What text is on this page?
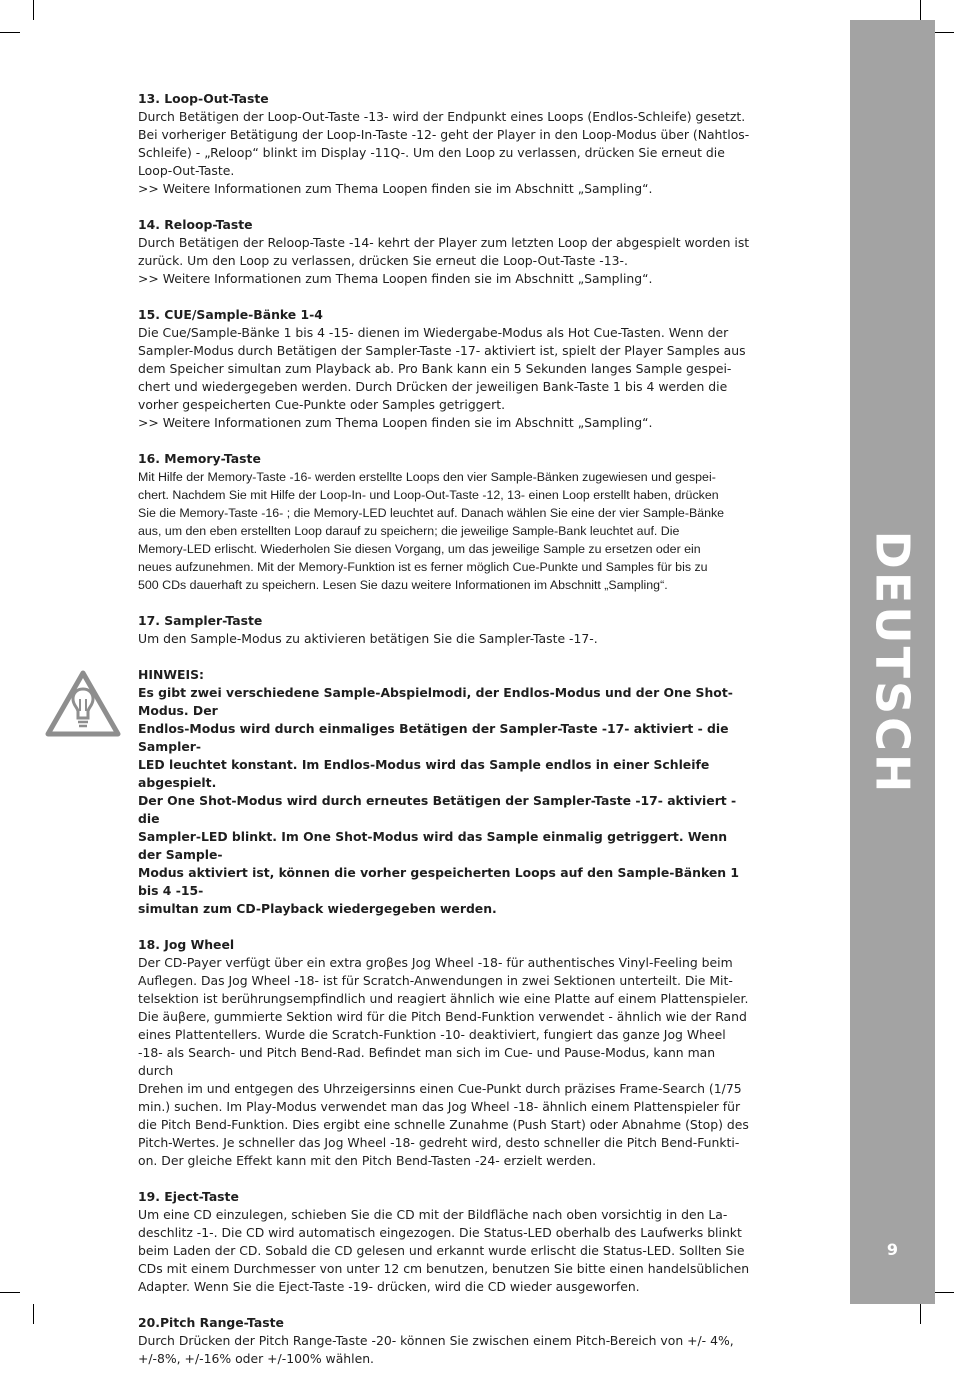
DEUTSCH
9
13. Loop-Out-Taste
Durch Betätigen der Loop-Out-Taste -13- wird der Endpunkt eines Loops (Endlos-Schleife) gesetzt.
Bei vorheriger Betätigung der Loop-In-Taste -12- geht der Player in den Loop-Modus über (Nahtlos-
Schleife) - „Reloop“ blinkt im Display -11Q-. Um den Loop zu verlassen, drücken Sie erneut die
Loop-Out-Taste.
>> Weitere Informationen zum Thema Loopen finden sie im Abschnitt „Sampling“.
14. Reloop-Taste
Durch Betätigen der Reloop-Taste -14- kehrt der Player zum letzten Loop der abgespielt worden ist
zurück. Um den Loop zu verlassen, drücken Sie erneut die Loop-Out-Taste -13-.
>> Weitere Informationen zum Thema Loopen finden sie im Abschnitt „Sampling“.
15. CUE/Sample-Bänke 1-4
Die Cue/Sample-Bänke 1 bis 4 -15- dienen im Wiedergabe-Modus als Hot Cue-Tasten. Wenn der
Sampler-Modus durch Betätigen der Sampler-Taste -17- aktiviert ist, spielt der Player Samples aus
dem Speicher simultan zum Playback ab. Pro Bank kann ein 5 Sekunden langes Sample gespei-
chert und wiedergegeben werden. Durch Drücken der jeweiligen Bank-Taste 1 bis 4 werden die
vorher gespeicherten Cue-Punkte oder Samples getriggert.
>> Weitere Informationen zum Thema Loopen finden sie im Abschnitt „Sampling“.
16. Memory-Taste
Mit Hilfe der Memory-Taste -16- werden erstellte Loops den vier Sample-Bänken zugewiesen und gespei-
chert. Nachdem Sie mit Hilfe der Loop-In- und Loop-Out-Taste -12, 13- einen Loop erstellt haben, drücken
Sie die Memory-Taste -16- ; die Memory-LED leuchtet auf. Danach wählen Sie eine der vier Sample-Bänke
aus, um den eben erstellten Loop darauf zu speichern; die jeweilige Sample-Bank leuchtet auf. Die
Memory-LED erlischt. Wiederholen Sie diesen Vorgang, um das jeweilige Sample zu ersetzen oder ein
neues aufzunehmen. Mit der Memory-Funktion ist es ferner möglich Cue-Punkte und Samples für bis zu
500 CDs dauerhaft zu speichern. Lesen Sie dazu weitere Informationen im Abschnitt „Sampling“.
17. Sampler-Taste
Um den Sample-Modus zu aktivieren betätigen Sie die Sampler-Taste -17-.
HINWEIS:
Es gibt zwei verschiedene Sample-Abspielmodi, der Endlos-Modus und der One Shot-Modus. Der
Endlos-Modus wird durch einmaliges Betätigen der Sampler-Taste -17- aktiviert - die Sampler-
LED leuchtet konstant. Im Endlos-Modus wird das Sample endlos in einer Schleife abgespielt.
Der One Shot-Modus wird durch erneutes Betätigen der Sampler-Taste -17- aktiviert - die
Sampler-LED blinkt. Im One Shot-Modus wird das Sample einmalig getriggert. Wenn der Sample-
Modus aktiviert ist, können die vorher gespeicherten Loops auf den Sample-Bänken 1 bis 4 -15-
simultan zum CD-Playback wiedergegeben werden.
18. Jog Wheel
Der CD-Payer verfügt über ein extra groβes Jog Wheel -18- für authentisches Vinyl-Feeling beim
Auflegen. Das Jog Wheel -18- ist für Scratch-Anwendungen in zwei Sektionen unterteilt. Die Mit-
telsektion ist berührungsempfindlich und reagiert ähnlich wie eine Platte auf einem Plattenspieler.
Die äuβere, gummierte Sektion wird für die Pitch Bend-Funktion verwendet - ähnlich wie der Rand
eines Plattentellers. Wurde die Scratch-Funktion -10- deaktiviert, fungiert das ganze Jog Wheel
-18- als Search- und Pitch Bend-Rad. Befindet man sich im Cue- und Pause-Modus, kann man durch
Drehen im und entgegen des Uhrzeigersinns einen Cue-Punkt durch präzises Frame-Search (1/75
min.) suchen. Im Play-Modus verwendet man das Jog Wheel -18- ähnlich einem Plattenspieler für
die Pitch Bend-Funktion. Dies ergibt eine schnelle Zunahme (Push Start) oder Abnahme (Stop) des
Pitch-Wertes. Je schneller das Jog Wheel -18- gedreht wird, desto schneller die Pitch Bend-Funkti-
on. Der gleiche Effekt kann mit den Pitch Bend-Tasten -24- erzielt werden.
19. Eject-Taste
Um eine CD einzulegen, schieben Sie die CD mit der Bildfläche nach oben vorsichtig in den La-
deschlitz -1-. Die CD wird automatisch eingezogen. Die Status-LED oberhalb des Laufwerks blinkt
beim Laden der CD. Sobald die CD gelesen und erkannt wurde erlischt die Status-LED. Sollten Sie
CDs mit einem Durchmesser von unter 12 cm benutzen, benutzen Sie bitte einen handelsüblichen
Adapter. Wenn Sie die Eject-Taste -19- drücken, wird die CD wieder ausgeworfen.
20.Pitch Range-Taste
Durch Drücken der Pitch Range-Taste -20- können Sie zwischen einem Pitch-Bereich von +/- 4%,
+/-8%, +/-16% oder +/-100% wählen.
